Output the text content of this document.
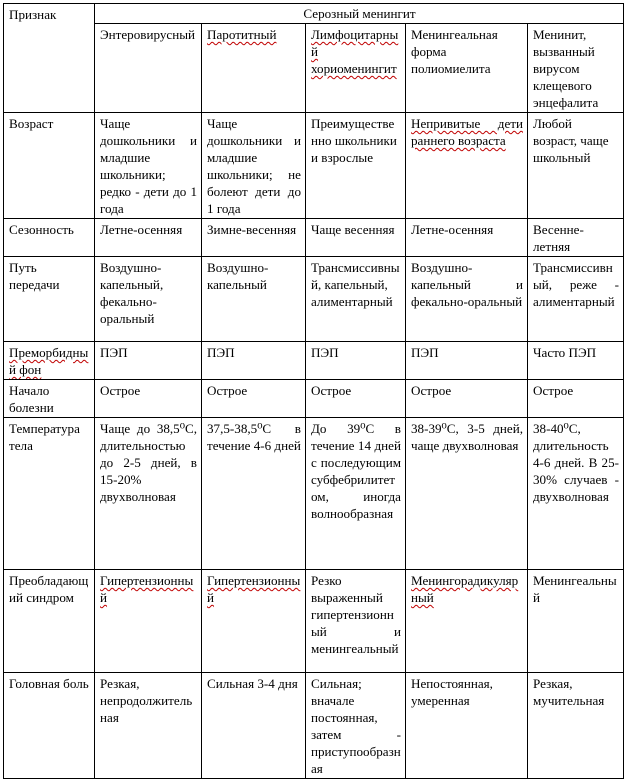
Признак	Серозный менингит				
	Энтеровирусный	Паротитный	Лимфоцитарный хориоменингит	Менингеальная форма полиомиелита	Менинит, вызванный вирусом клещевого энцефалита
Возраст	Чаще дошкольники и младшие школьники; редко - дети до 1 года	Чаще дошкольники и младшие школьники; не болеют дети до 1 года	Преимущественно школьники и взрослые	Непривитые дети раннего возраста	Любой возраст, чаще школьный
Сезонность	Летне-осенняя	Зимне-весенняя	Чаще весенняя	Летне-осенняя	Весенне-летняя
Путь передачи	Воздушно-капельный, фекально-оральный	Воздушно-капельный	Трансмиссивный, капельный, алиментарный	Воздушно-капельный и фекально-оральный	Трансмиссивный, реже - алиментарный
Преморбидный фон	ПЭП	ПЭП	ПЭП	ПЭП	Часто ПЭП
Начало болезни	Острое	Острое	Острое	Острое	Острое
Температура тела	Чаще до 38,5⁰С, длительностью до 2-5 дней, в 15-20% двухволновая	37,5-38,5⁰С в течение 4-6 дней	До 39⁰С в течение 14 дней с последующим субфебрилитетом, иногда волнообразная	38-39⁰С, 3-5 дней, чаще двухволновая	38-40⁰С, длительность 4-6 дней. В 25-30% случаев - двухволновая
Преобладающий синдром	Гипертензионный	Гипертензионный	Резко выраженный гипертензионный и менингеальный	Менингорадикулярный	Менингеальный
Головная боль	Резкая, непродолжительная	Сильная 3-4 дня	Сильная; вначале постоянная, затем - приступообразная	Непостоянная, умеренная	Резкая, мучительная
